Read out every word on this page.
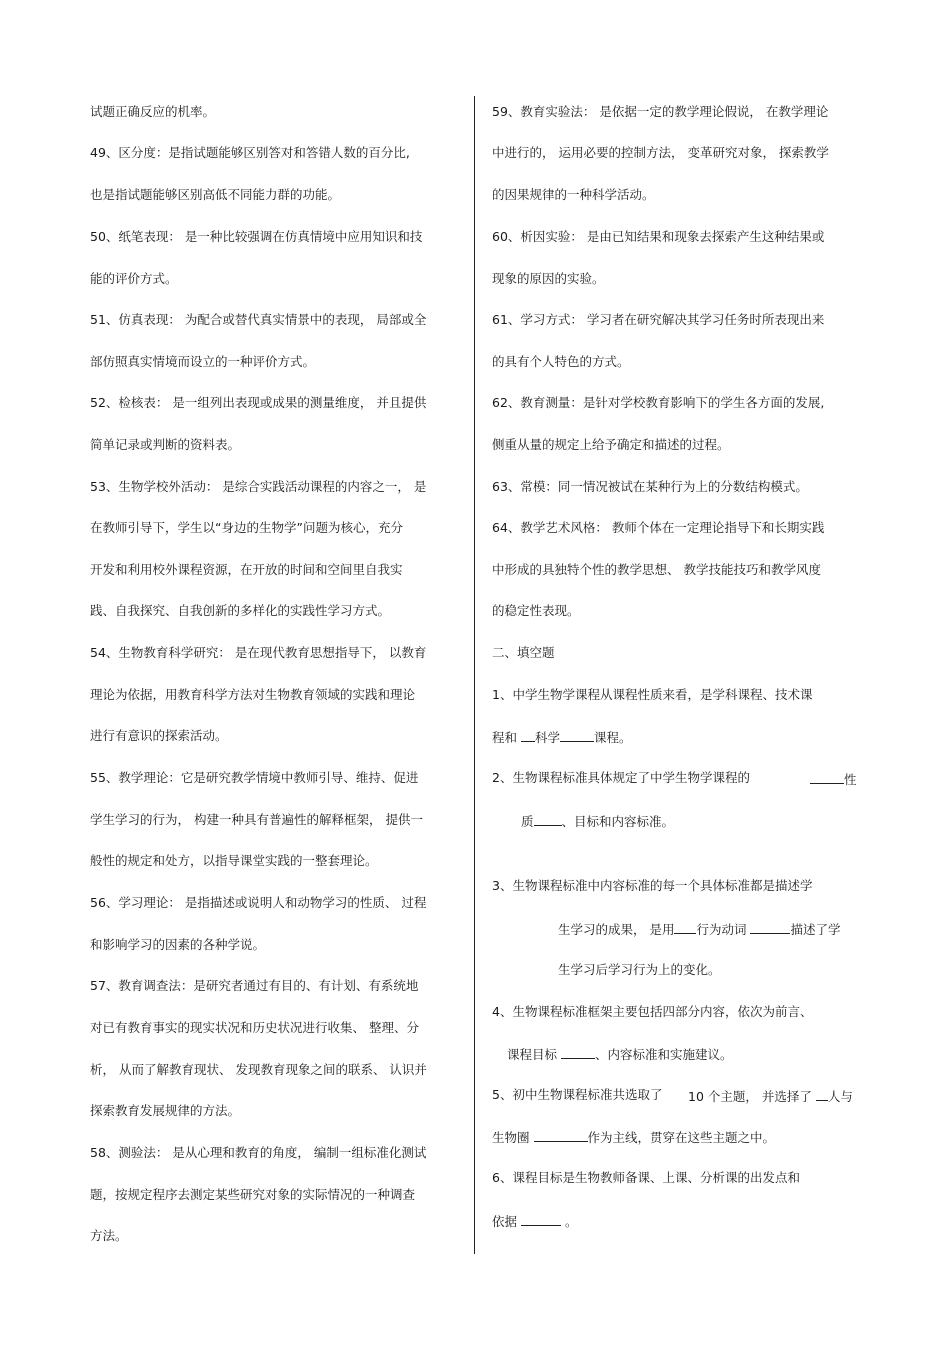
试题正确反应的机率。
49、区分度：是指试题能够区别答对和答错人数的百分比,
也是指试题能够区别高低不同能力群的功能。
50、纸笔表现： 是一种比较强调在仿真情境中应用知识和技
能的评价方式。
51、仿真表现： 为配合或替代真实情景中的表现， 局部或全
部仿照真实情境而设立的一种评价方式。
52、检核表： 是一组列出表现或成果的测量维度， 并且提供
简单记录或判断的资料表。
53、生物学校外活动： 是综合实践活动课程的内容之一， 是
在教师引导下，学生以“身边的生物学”问题为核心，充分
开发和利用校外课程资源，在开放的时间和空间里自我实
践、自我探究、自我创新的多样化的实践性学习方式。
54、生物教育科学研究： 是在现代教育思想指导下， 以教育
理论为依据，用教育科学方法对生物教育领域的实践和理论
进行有意识的探索活动。
55、教学理论：它是研究教学情境中教师引导、维持、促进
学生学习的行为， 构建一种具有普遍性的解释框架， 提供一
般性的规定和处方，以指导课堂实践的一整套理论。
56、学习理论： 是指描述或说明人和动物学习的性质、 过程
和影响学习的因素的各种学说。
57、教育调查法：是研究者通过有目的、有计划、有系统地
对已有教育事实的现实状况和历史状况进行收集、 整理、分
析， 从而了解教育现状、 发现教育现象之间的联系、 认识并
探索教育发展规律的方法。
58、测验法： 是从心理和教育的角度， 编制一组标准化测试
题，按规定程序去测定某些研究对象的实际情况的一种调查
方法。
59、教育实验法： 是依据一定的教学理论假说， 在教学理论
中进行的， 运用必要的控制方法， 变革研究对象， 探索教学
的因果规律的一种科学活动。
60、析因实验： 是由已知结果和现象去探索产生这种结果或
现象的原因的实验。
61、学习方式： 学习者在研究解决其学习任务时所表现出来
的具有个人特色的方式。
62、教育测量：是针对学校教育影响下的学生各方面的发展,
侧重从量的规定上给予确定和描述的过程。
63、常模：同一情况被试在某种行为上的分数结构模式。
64、教学艺术风格： 教师个体在一定理论指导下和长期实践
中形成的具独特个性的教学思想、 教学技能技巧和教学风度
的稳定性表现。
二、填空题
1、中学生物学课程从课程性质来看，是学科课程、技术课
程和 科学	课程。
2、生物课程标准具体规定了中学生物学课程的	性
质 、目标和内容标准。
3、生物课程标准中内容标准的每一个具体标准都是描述学
生学习的成果， 是用 行为动词	描述了学
生学习后学习行为上的变化。
4、生物课程标准框架主要包括四部分内容，依次为前言、
课程目标	、内容标准和实施建议。
5、初中生物课程标准共选取了 10 个主题， 并选择了 人与
生物圈	作为主线，贯穿在这些主题之中。
6、课程目标是生物教师备课、上课、分析课的出发点和
依据	。
